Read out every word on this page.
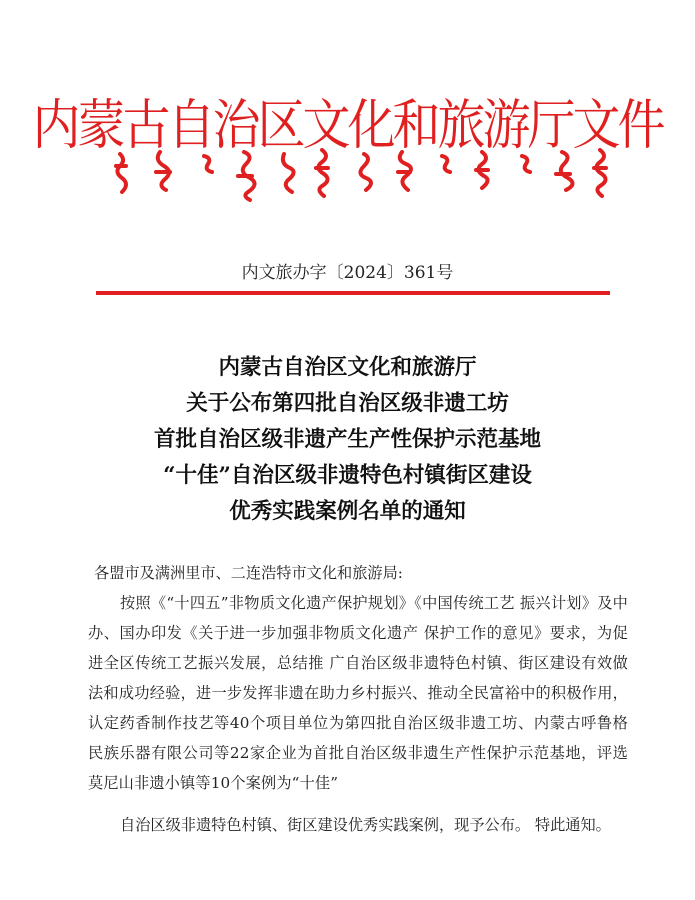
内蒙古自治区文化和旅游厅文件
内文旅办字〔2024〕361号
内蒙古自治区文化和旅游厅
关于公布第四批自治区级非遗工坊
首批自治区级非遗产生产性保护示范基地
“十佳”自治区级非遗特色村镇街区建设
优秀实践案例名单的通知

各盟市及满洲里市、二连浩特市文化和旅游局:

按照《“十四五”非物质文化遗产保护规划》《中国传统工艺 振兴计划》及中办、国办印发《关于进一步加强非物质文化遗产 保护工作的意见》要求，为促进全区传统工艺振兴发展，总结推 广自治区级非遗特色村镇、街区建设有效做法和成功经验，进一步发挥非遗在助力乡村振兴、推动全民富裕中的积极作用，认定药香制作技艺等40个项目单位为第四批自治区级非遗工坊、内蒙古呼鲁格民族乐器有限公司等22家企业为首批自治区级非遗生产性保护示范基地，评选莫尼山非遗小镇等10个案例为“十佳”

自治区级非遗特色村镇、街区建设优秀实践案例，现予公布。 特此通知。
